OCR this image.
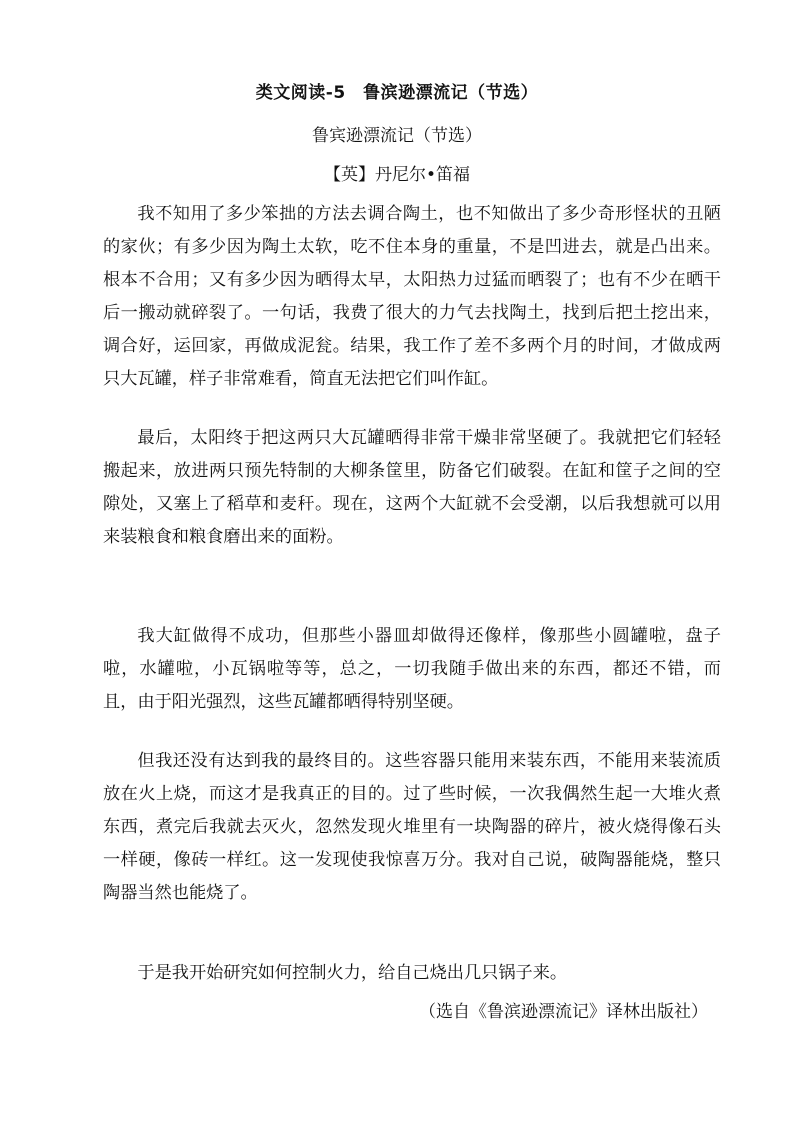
类文阅读-5　鲁滨逊漂流记（节选）
鲁宾逊漂流记（节选）
【英】丹尼尔•笛福

我不知用了多少笨拙的方法去调合陶土，也不知做出了多少奇形怪状的丑陋的家伙；有多少因为陶土太软，吃不住本身的重量，不是凹进去，就是凸出来。根本不合用；又有多少因为晒得太早，太阳热力过猛而晒裂了；也有不少在晒干后一搬动就碎裂了。一句话，我费了很大的力气去找陶土，找到后把土挖出来，调合好，运回家，再做成泥瓮。结果，我工作了差不多两个月的时间，才做成两只大瓦罐，样子非常难看，简直无法把它们叫作缸。

最后，太阳终于把这两只大瓦罐晒得非常干燥非常坚硬了。我就把它们轻轻搬起来，放进两只预先特制的大柳条筐里，防备它们破裂。在缸和筐子之间的空隙处，又塞上了稻草和麦秆。现在，这两个大缸就不会受潮，以后我想就可以用来装粮食和粮食磨出来的面粉。

我大缸做得不成功，但那些小器皿却做得还像样，像那些小圆罐啦，盘子啦，水罐啦，小瓦锅啦等等，总之，一切我随手做出来的东西，都还不错，而且，由于阳光强烈，这些瓦罐都晒得特别坚硬。

但我还没有达到我的最终目的。这些容器只能用来装东西，不能用来装流质放在火上烧，而这才是我真正的目的。过了些时候，一次我偶然生起一大堆火煮东西，煮完后我就去灭火，忽然发现火堆里有一块陶器的碎片，被火烧得像石头一样硬，像砖一样红。这一发现使我惊喜万分。我对自己说，破陶器能烧，整只陶器当然也能烧了。

于是我开始研究如何控制火力，给自己烧出几只锅子来。

（选自《鲁滨逊漂流记》译林出版社）
